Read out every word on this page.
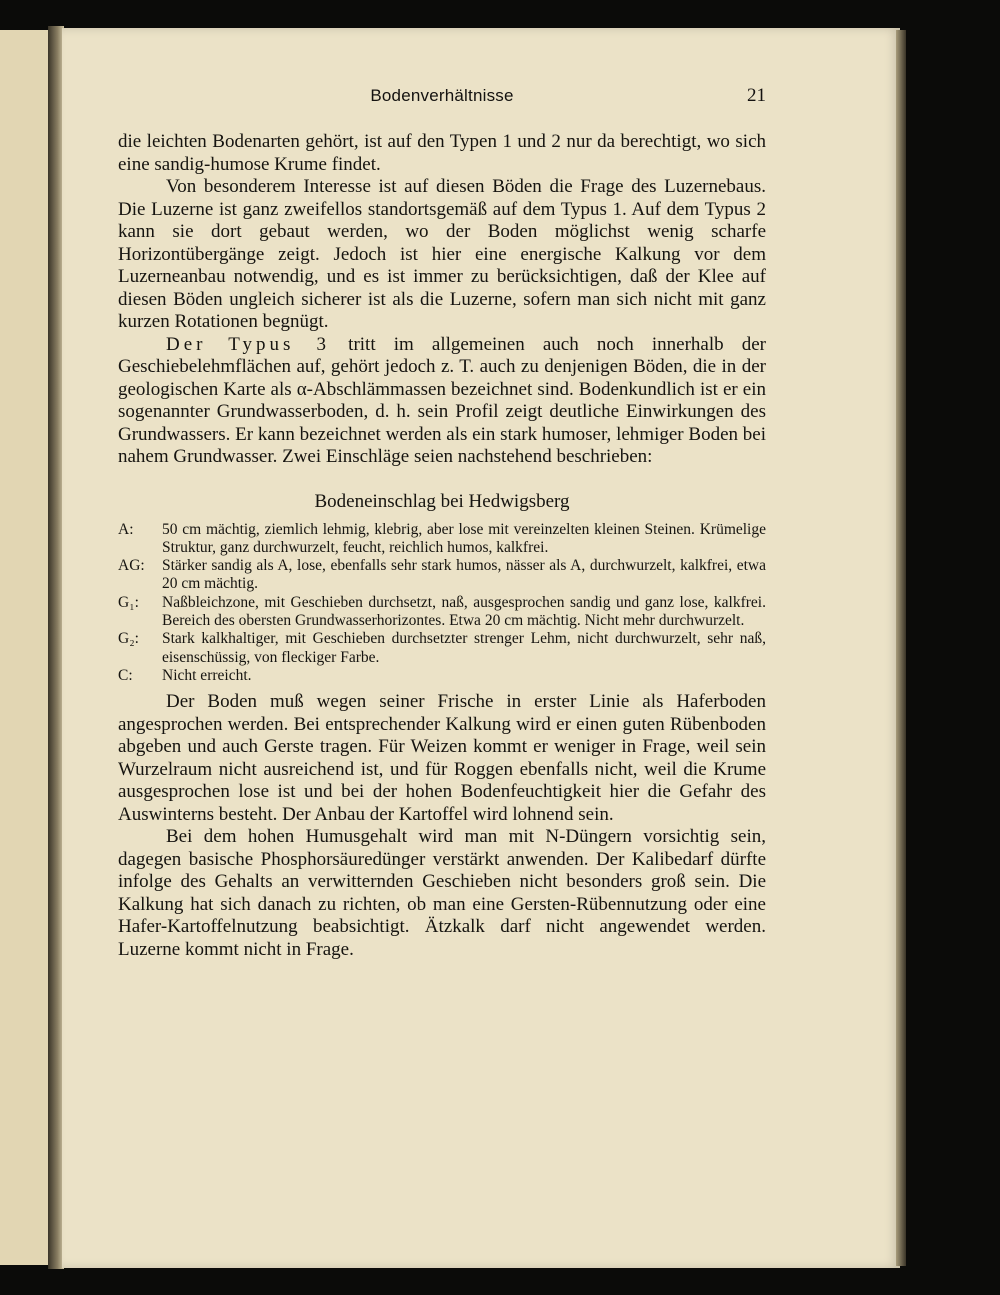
Bodenverhältnisse	21

die leichten Bodenarten gehört, ist auf den Typen 1 und 2 nur da berechtigt, wo sich eine sandig-humose Krume findet.

Von besonderem Interesse ist auf diesen Böden die Frage des Luzernebaus. Die Luzerne ist ganz zweifellos standortsgemäß auf dem Typus 1. Auf dem Typus 2 kann sie dort gebaut werden, wo der Boden möglichst wenig scharfe Horizontübergänge zeigt. Jedoch ist hier eine energische Kalkung vor dem Luzerneanbau notwendig, und es ist immer zu berücksichtigen, daß der Klee auf diesen Böden ungleich sicherer ist als die Luzerne, sofern man sich nicht mit ganz kurzen Rotationen begnügt.

Der Typus 3 tritt im allgemeinen auch noch innerhalb der Geschiebelehmflächen auf, gehört jedoch z. T. auch zu denjenigen Böden, die in der geologischen Karte als α-Abschlämmassen bezeichnet sind. Bodenkundlich ist er ein sogenannter Grundwasserboden, d. h. sein Profil zeigt deutliche Einwirkungen des Grundwassers. Er kann bezeichnet werden als ein stark humoser, lehmiger Boden bei nahem Grundwasser. Zwei Einschläge seien nachstehend beschrieben:

Bodeneinschlag bei Hedwigsberg
A:	50 cm mächtig, ziemlich lehmig, klebrig, aber lose mit vereinzelten kleinen Steinen. Krümelige Struktur, ganz durchwurzelt, feucht, reichlich humos, kalkfrei.
AG:	Stärker sandig als A, lose, ebenfalls sehr stark humos, nässer als A, durchwurzelt, kalkfrei, etwa 20 cm mächtig.
G₁:	Naßbleichzone, mit Geschieben durchsetzt, naß, ausgesprochen sandig und ganz lose, kalkfrei. Bereich des obersten Grundwasserhorizontes. Etwa 20 cm mächtig. Nicht mehr durchwurzelt.
G₂:	Stark kalkhaltiger, mit Geschieben durchsetzter strenger Lehm, nicht durchwurzelt, sehr naß, eisenschüssig, von fleckiger Farbe.
C:	Nicht erreicht.

Der Boden muß wegen seiner Frische in erster Linie als Haferboden angesprochen werden. Bei entsprechender Kalkung wird er einen guten Rübenboden abgeben und auch Gerste tragen. Für Weizen kommt er weniger in Frage, weil sein Wurzelraum nicht ausreichend ist, und für Roggen ebenfalls nicht, weil die Krume ausgesprochen lose ist und bei der hohen Bodenfeuchtigkeit hier die Gefahr des Auswinterns besteht. Der Anbau der Kartoffel wird lohnend sein.

Bei dem hohen Humusgehalt wird man mit N-Düngern vorsichtig sein, dagegen basische Phosphorsäuredünger verstärkt anwenden. Der Kalibedarf dürfte infolge des Gehalts an verwitternden Geschieben nicht besonders groß sein. Die Kalkung hat sich danach zu richten, ob man eine Gersten-Rübennutzung oder eine Hafer-Kartoffelnutzung beabsichtigt. Ätzkalk darf nicht angewendet werden. Luzerne kommt nicht in Frage.
